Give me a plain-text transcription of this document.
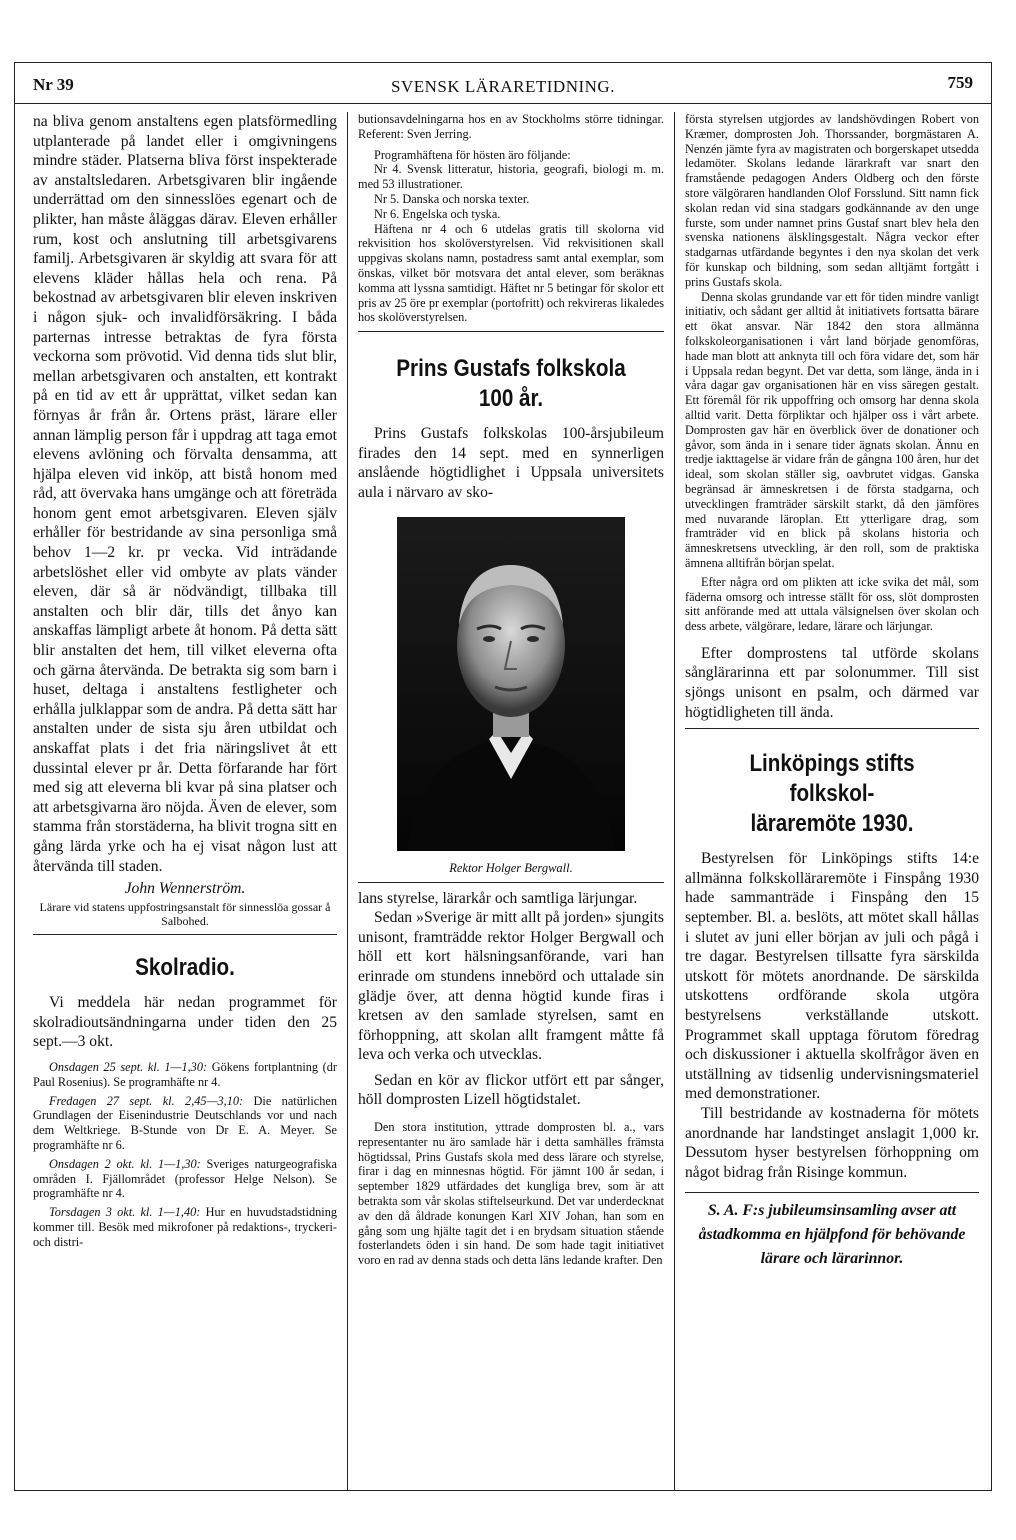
Nr 39	SVENSK LÄRARETIDNING.	759

na bliva genom anstaltens egen platsförmedling utplanterade på landet eller i omgivningens mindre städer. Platserna bliva först inspekterade av anstaltsledaren. Arbetsgivaren blir ingående underrättad om den sinnesslöes egenart och de plikter, han måste åläggas därav. Eleven erhåller rum, kost och anslutning till arbetsgivarens familj. Arbetsgivaren är skyldig att svara för att elevens kläder hållas hela och rena. På bekostnad av arbetsgivaren blir eleven inskriven i någon sjuk- och invalidförsäkring. I båda parternas intresse betraktas de fyra första veckorna som prövotid. Vid denna tids slut blir, mellan arbetsgivaren och anstalten, ett kontrakt på en tid av ett år upprättat, vilket sedan kan förnyas år från år. Ortens präst, lärare eller annan lämplig person får i uppdrag att taga emot elevens avlöning och förvalta densamma, att hjälpa eleven vid inköp, att bistå honom med råd, att övervaka hans umgänge och att företräda honom gent emot arbetsgivaren. Eleven själv erhåller för bestridande av sina personliga små behov 1—2 kr. pr vecka. Vid inträdande arbetslöshet eller vid ombyte av plats vänder eleven, där så är nödvändigt, tillbaka till anstalten och blir där, tills det ånyo kan anskaffas lämpligt arbete åt honom. På detta sätt blir anstalten det hem, till vilket eleverna ofta och gärna återvända. De betrakta sig som barn i huset, deltaga i anstaltens festligheter och erhålla julklappar som de andra. På detta sätt har anstalten under de sista sju åren utbildat och anskaffat plats i det fria näringslivet åt ett dussintal elever pr år. Detta förfarande har fört med sig att eleverna bli kvar på sina platser och att arbetsgivarna äro nöjda. Även de elever, som stamma från storstäderna, ha blivit trogna sitt en gång lärda yrke och ha ej visat någon lust att återvända till staden.

John Wennerström.

Lärare vid statens uppfostringsanstalt för sinnesslöa gossar å Salbohed.

Skolradio.

Vi meddela här nedan programmet för skolradioutsändningarna under tiden den 25 sept.—3 okt.

Onsdagen 25 sept. kl. 1—1,30: Gökens fortplantning (dr Paul Rosenius). Se programhäfte nr 4.

Fredagen 27 sept. kl. 2,45—3,10: Die natürlichen Grundlagen der Eisenindustrie Deutschlands vor und nach dem Weltkriege. B-Stunde von Dr E. A. Meyer. Se programhäfte nr 6.

Onsdagen 2 okt. kl. 1—1,30: Sveriges naturgeografiska områden I. Fjällområdet (professor Helge Nelson). Se programhäfte nr 4.

Torsdagen 3 okt. kl. 1—1,40: Hur en huvudstadstidning kommer till. Besök med mikrofoner på redaktions-, tryckeri- och distri-

butionsavdelningarna hos en av Stockholms större tidningar. Referent: Sven Jerring.

Programhäftena för hösten äro följande:

Nr 4. Svensk litteratur, historia, geografi, biologi m. m. med 53 illustrationer.

Nr 5. Danska och norska texter.

Nr 6. Engelska och tyska.

Häftena nr 4 och 6 utdelas gratis till skolorna vid rekvisition hos skolöverstyrelsen. Vid rekvisitionen skall uppgivas skolans namn, postadress samt antal exemplar, som önskas, vilket bör motsvara det antal elever, som beräknas komma att lyssna samtidigt. Häftet nr 5 betingar för skolor ett pris av 25 öre pr exemplar (portofritt) och rekvireras likaledes hos skolöverstyrelsen.

Prins Gustafs folkskola
100 år.

Prins Gustafs folkskolas 100-årsjubileum firades den 14 sept. med en synnerligen anslående högtidlighet i Uppsala universitets aula i närvaro av sko-

Rektor Holger Bergwall.

lans styrelse, lärarkår och samtliga lärjungar.

Sedan »Sverige är mitt allt på jorden» sjungits unisont, framträdde rektor Holger Bergwall och höll ett kort hälsningsanförande, vari han erinrade om stundens innebörd och uttalade sin glädje över, att denna högtid kunde firas i kretsen av den samlade styrelsen, samt en förhoppning, att skolan allt framgent måtte få leva och verka och utvecklas.

Sedan en kör av flickor utfört ett par sånger, höll domprosten Lizell högtidstalet.

Den stora institution, yttrade domprosten bl. a., vars representanter nu äro samlade här i detta samhälles främsta högtidssal, Prins Gustafs skola med dess lärare och styrelse, firar i dag en minnesnas högtid. För jämnt 100 år sedan, i september 1829 utfärdades det kungliga brev, som är att betrakta som vår skolas stiftelseurkund. Det var underdecknat av den då åldrade konungen Karl XIV Johan, han som en gång som ung hjälte tagit det i en brydsam situation stående fosterlandets öden i sin hand. De som hade tagit initiativet voro en rad av denna stads och detta läns ledande krafter. Den

första styrelsen utgjordes av landshövdingen Robert von Kræmer, domprosten Joh. Thorssander, borgmästaren A. Nenzén jämte fyra av magistraten och borgerskapet utsedda ledamöter. Skolans ledande lärarkraft var snart den framstående pedagogen Anders Oldberg och den förste store välgöraren handlanden Olof Forsslund. Sitt namn fick skolan redan vid sina stadgars godkännande av den unge furste, som under namnet prins Gustaf snart blev hela den svenska nationens älsklingsgestalt. Några veckor efter stadgarnas utfärdande begyntes i den nya skolan det verk för kunskap och bildning, som sedan alltjämt fortgått i prins Gustafs skola.

Denna skolas grundande var ett för tiden mindre vanligt initiativ, och sådant ger alltid åt initiativets fortsatta bärare ett ökat ansvar. När 1842 den stora allmänna folkskoleorganisationen i vårt land började genomföras, hade man blott att anknyta till och föra vidare det, som här i Uppsala redan begynt. Det var detta, som länge, ända in i våra dagar gav organisationen här en viss säregen gestalt. Ett föremål för rik uppoffring och omsorg har denna skola alltid varit. Detta förpliktar och hjälper oss i vårt arbete. Domprosten gav här en överblick över de donationer och gåvor, som ända in i senare tider ägnats skolan. Ännu en tredje iakttagelse är vidare från de gångna 100 åren, hur det ideal, som skolan ställer sig, oavbrutet vidgas. Ganska begränsad är ämneskretsen i de första stadgarna, och utvecklingen framträder särskilt starkt, då den jämföres med nuvarande läroplan. Ett ytterligare drag, som framträder vid en blick på skolans historia och ämneskretsens utveckling, är den roll, som de praktiska ämnena alltifrån början spelat.

Efter några ord om plikten att icke svika det mål, som fäderna omsorg och intresse ställt för oss, slöt domprosten sitt anförande med att uttala välsignelsen över skolan och dess arbete, välgörare, ledare, lärare och lärjungar.

Efter domprostens tal utförde skolans sånglärarinna ett par solonummer. Till sist sjöngs unisont en psalm, och därmed var högtidligheten till ända.

Linköpings stifts folkskol-
läraremöte 1930.

Bestyrelsen för Linköpings stifts 14:e allmänna folkskolläraremöte i Finspång 1930 hade sammanträde i Finspång den 15 september. Bl. a. beslöts, att mötet skall hållas i slutet av juni eller början av juli och pågå i tre dagar. Bestyrelsen tillsatte fyra särskilda utskott för mötets anordnande. De särskilda utskottens ordförande skola utgöra bestyrelsens verkställande utskott. Programmet skall upptaga förutom föredrag och diskussioner i aktuella skolfrågor även en utställning av tidsenlig undervisningsmateriel med demonstrationer.

Till bestridande av kostnaderna för mötets anordnande har landstinget anslagit 1,000 kr. Dessutom hyser bestyrelsen förhoppning om något bidrag från Risinge kommun.

S. A. F:s jubileumsinsamling avser att åstadkomma en hjälpfond för behövande lärare och lärarinnor.
